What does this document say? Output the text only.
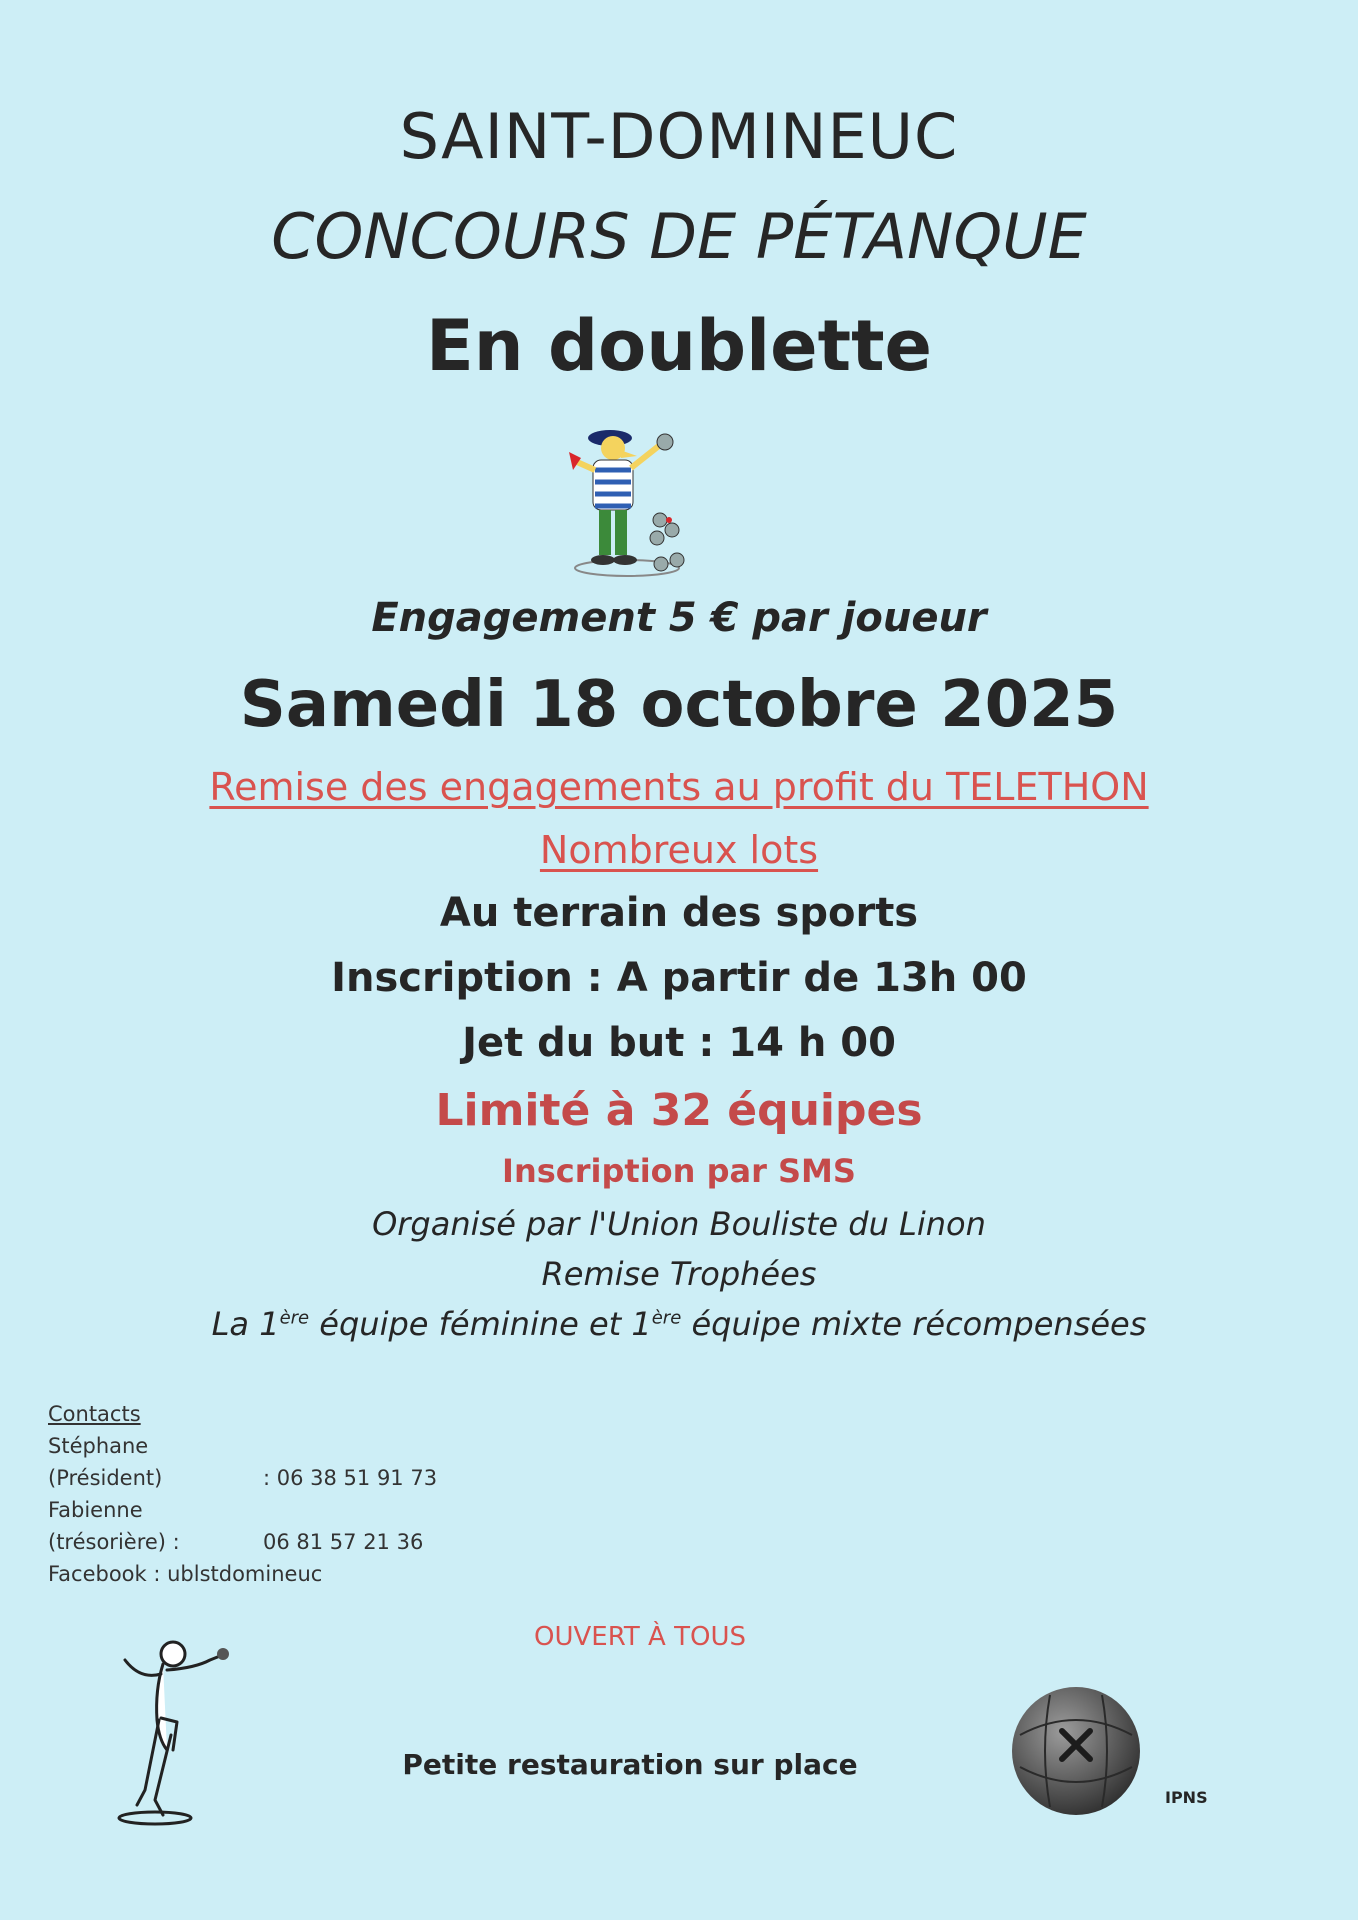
SAINT-DOMINEUC
CONCOURS DE PÉTANQUE
En doublette
Engagement 5 € par joueur
Samedi 18 octobre 2025
Remise des engagements au profit du TELETHON
Nombreux lots
Au terrain des sports
Inscription : A partir de 13h 00
Jet du but : 14 h 00
Limité à 32 équipes
Inscription par SMS
Organisé par l'Union Bouliste du Linon
Remise Trophées
La 1ère équipe féminine et 1ère équipe mixte récompensées
Contacts
Stéphane (Président)	: 06 38 51 91 73
Fabienne (trésorière) :	06 81 57 21 36
Facebook : ublstdomineuc
OUVERT À TOUS
Petite restauration sur place
IPNS
